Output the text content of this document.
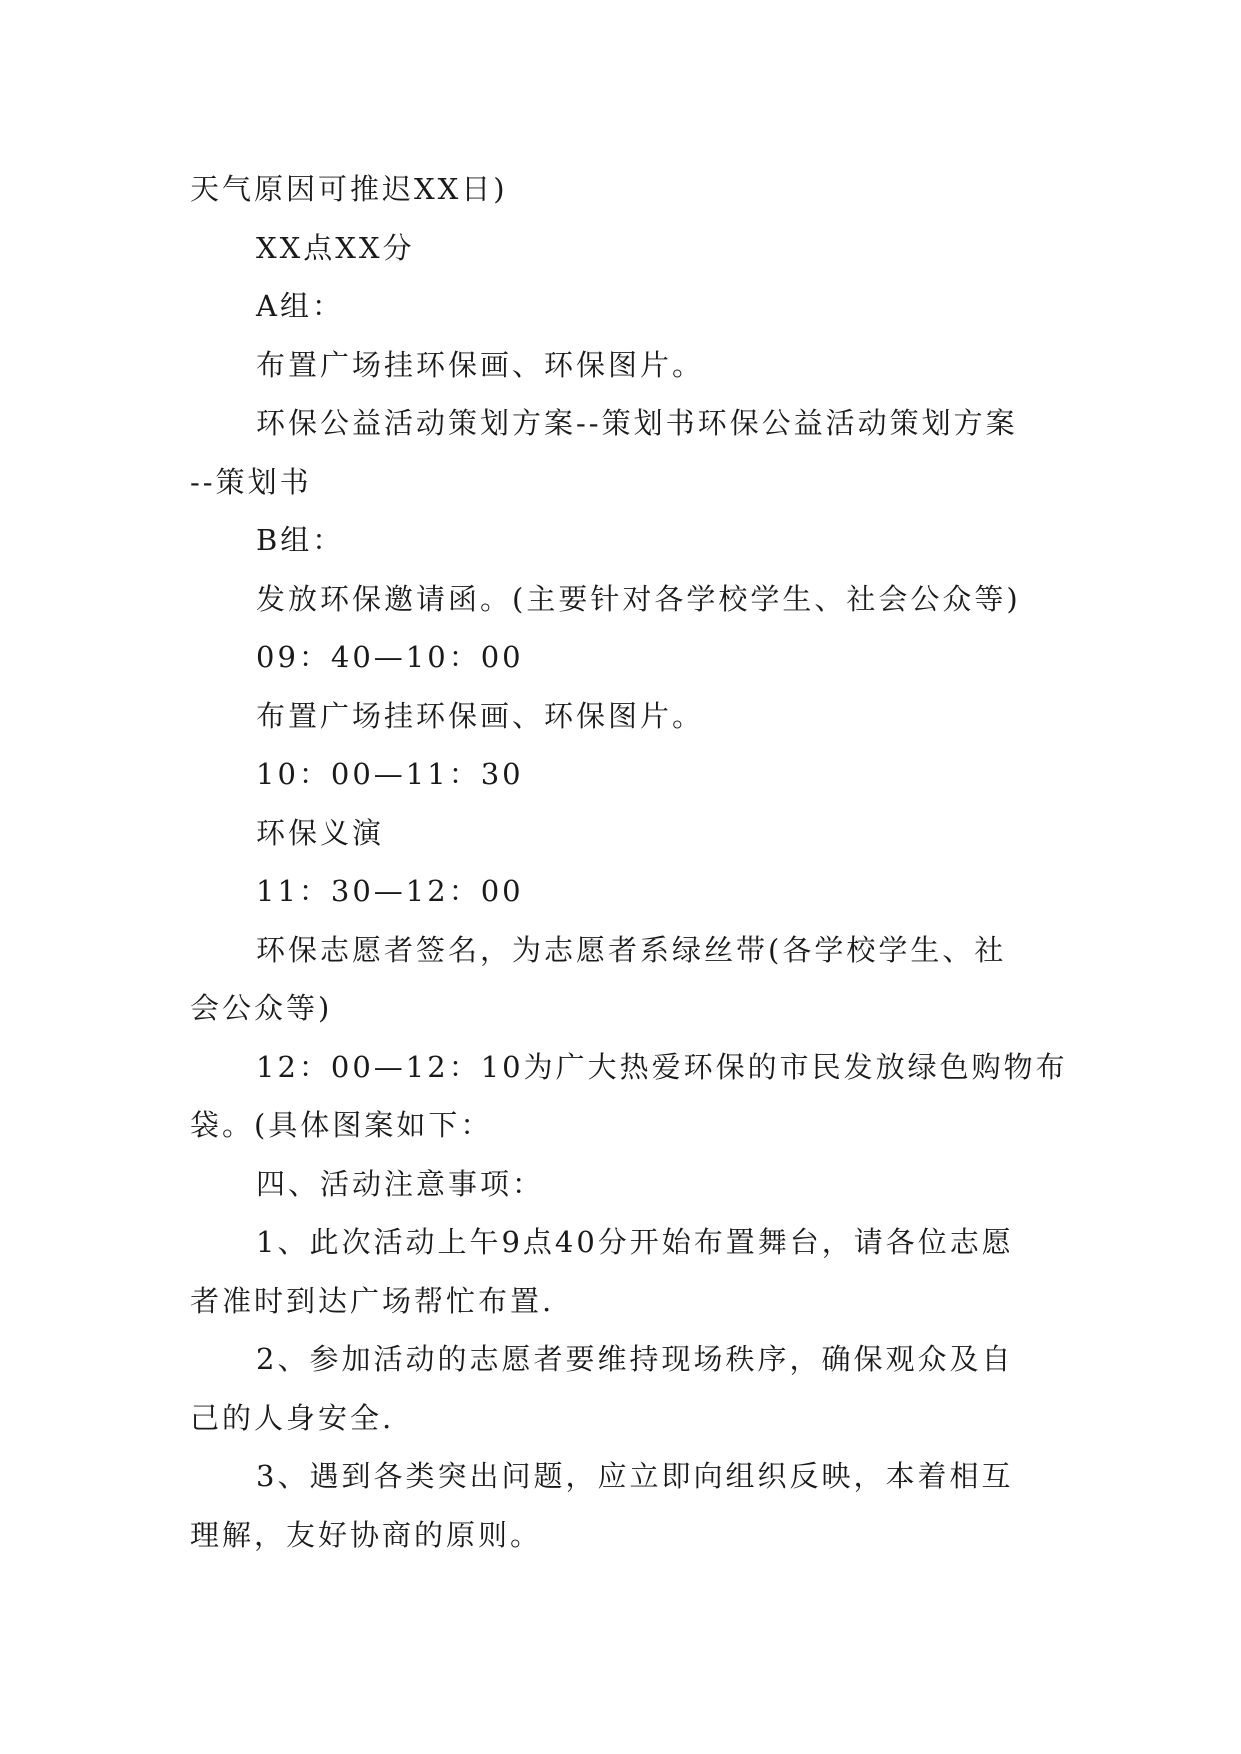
天气原因可推迟XX日)
XX点XX分
A组：
布置广场挂环保画、环保图片。
环保公益活动策划方案--策划书环保公益活动策划方案
--策划书
B组：
发放环保邀请函。(主要针对各学校学生、社会公众等)
09：40—10：00
布置广场挂环保画、环保图片。
10：00—11：30
环保义演
11：30—12：00
环保志愿者签名，为志愿者系绿丝带(各学校学生、社
会公众等)
12：00—12：10为广大热爱环保的市民发放绿色购物布
袋。(具体图案如下：
四、活动注意事项：
1、此次活动上午9点40分开始布置舞台，请各位志愿
者准时到达广场帮忙布置.
2、参加活动的志愿者要维持现场秩序，确保观众及自
己的人身安全.
3、遇到各类突出问题，应立即向组织反映，本着相互
理解，友好协商的原则。
